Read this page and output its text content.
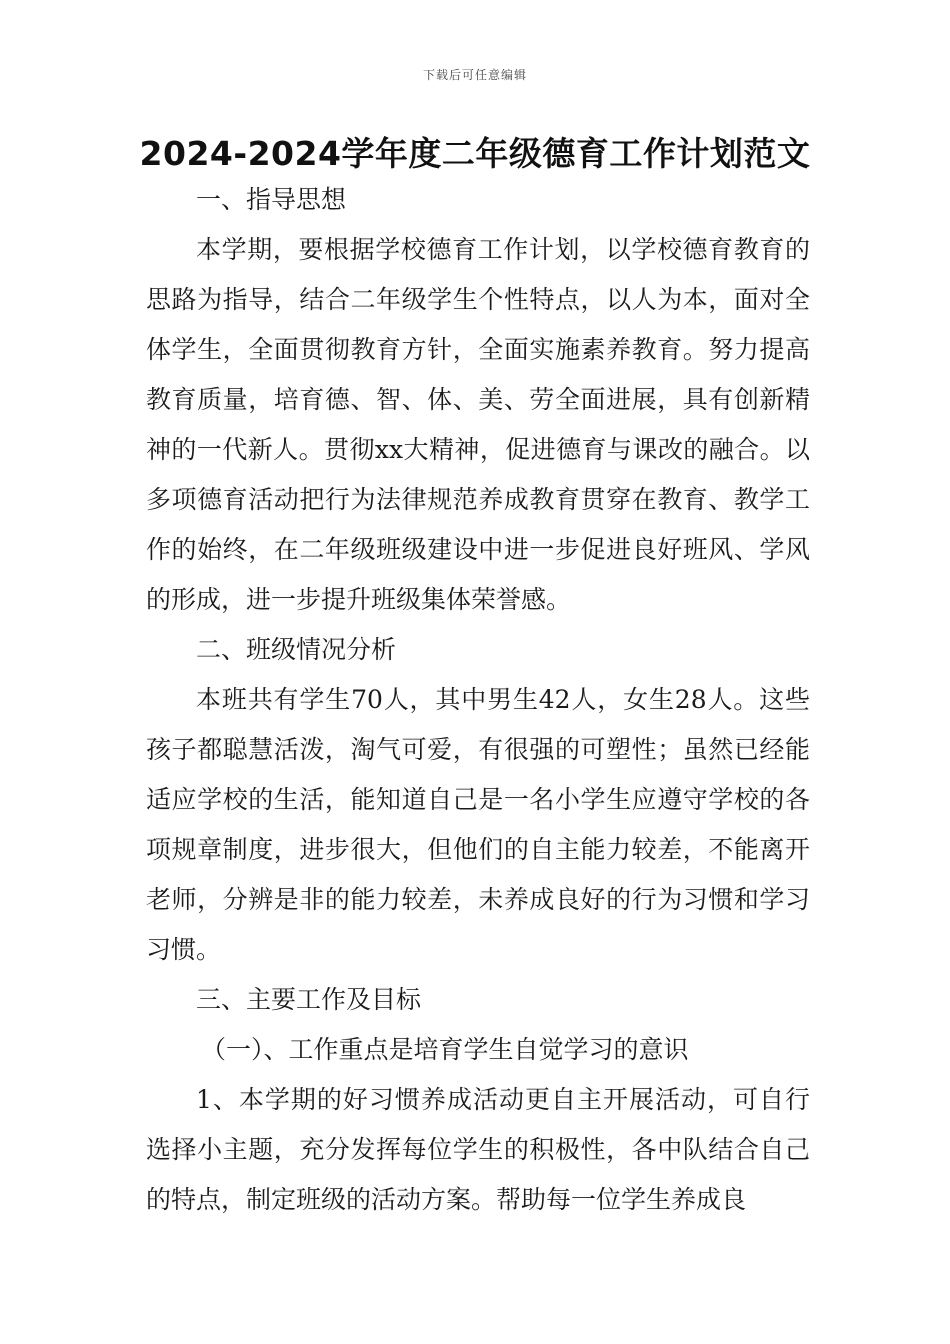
下载后可任意编辑
2024-2024学年度二年级德育工作计划范文

一、指导思想

本学期，要根据学校德育工作计划，以学校德育教育的思路为指导，结合二年级学生个性特点，以人为本，面对全体学生，全面贯彻教育方针，全面实施素养教育。努力提高教育质量，培育德、智、体、美、劳全面进展，具有创新精神的一代新人。贯彻xx大精神，促进德育与课改的融合。以多项德育活动把行为法律规范养成教育贯穿在教育、教学工作的始终，在二年级班级建设中进一步促进良好班风、学风的形成，进一步提升班级集体荣誉感。

二、班级情况分析

本班共有学生70人，其中男生42人，女生28人。这些孩子都聪慧活泼，淘气可爱，有很强的可塑性；虽然已经能适应学校的生活，能知道自己是一名小学生应遵守学校的各项规章制度，进步很大，但他们的自主能力较差，不能离开老师，分辨是非的能力较差，未养成良好的行为习惯和学习习惯。

三、主要工作及目标

（一）、工作重点是培育学生自觉学习的意识

1、本学期的好习惯养成活动更自主开展活动，可自行选择小主题，充分发挥每位学生的积极性，各中队结合自己的特点，制定班级的活动方案。帮助每一位学生养成良
